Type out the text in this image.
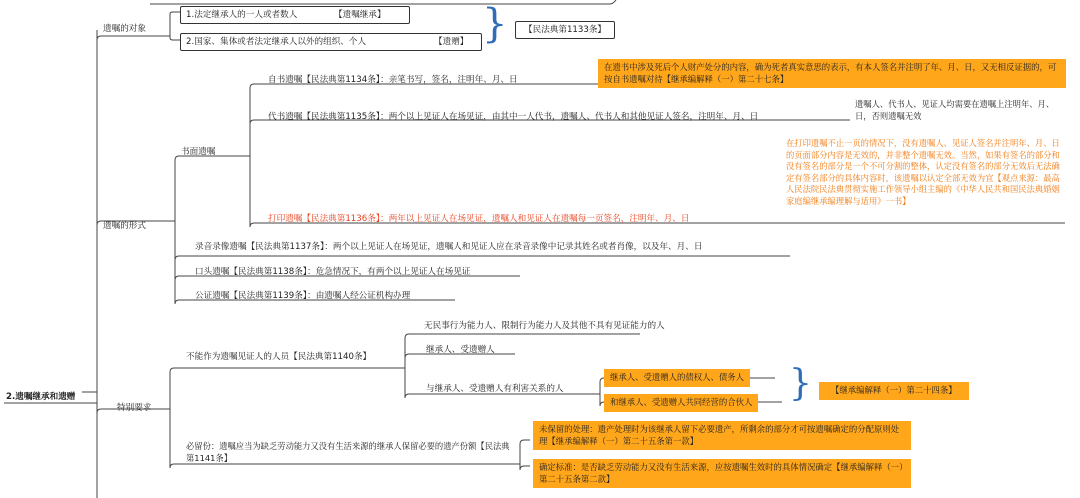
2.遗嘱继承和遗赠
遗嘱的对象
1.法定继承人的一人或者数人	【遗嘱继承】
2.国家、集体或者法定继承人以外的组织、个人	【遗赠】 }	【民法典第1133条】
遗嘱的形式
书面遗嘱
自书遗嘱【民法典第1134条】：亲笔书写，签名，注明年、月、日
在遗书中涉及死后个人财产处分的内容，确为死者真实意思的表示，有本人签名并注明了年、月、日，又无相反证据的，可按自书遗嘱对待【继承编解释（一）第二十七条】
代书遗嘱【民法典第1135条】：两个以上见证人在场见证，由其中一人代书，遗嘱人、代书人和其他见证人签名，注明年、月、日
遗嘱人、代书人、见证人均需要在遗嘱上注明年、月、日，否则遗嘱无效
打印遗嘱【民法典第1136条】：两年以上见证人在场见证，遗嘱人和见证人在遗嘱每一页签名，注明年、月、日
在打印遗嘱不止一页的情况下，没有遗嘱人、见证人签名并注明年、月、日的页面部分内容是无效的，并非整个遗嘱无效。当然，如果有签名的部分和没有签名的部分是一个不可分割的整体，认定没有签名的部分无效后无法确定有签名部分的具体内容时，该遗嘱以认定全部无效为宜【观点来源：最高人民法院民法典贯彻实施工作领导小组主编的《中华人民共和国民法典婚姻家庭编继承编理解与适用》一书】
录音录像遗嘱【民法典第1137条】：两个以上见证人在场见证，遗嘱人和见证人应在录音录像中记录其姓名或者肖像，以及年、月、日
口头遗嘱【民法典第1138条】：危急情况下，有两个以上见证人在场见证
公证遗嘱【民法典第1139条】：由遗嘱人经公证机构办理
特别要求
不能作为遗嘱见证人的人员【民法典第1140条】
无民事行为能力人、限制行为能力人及其他不具有见证能力的人
继承人、受遗赠人
与继承人、受遗赠人有利害关系的人
继承人、受遗赠人的债权人、债务人
和继承人、受遗赠人共同经营的合伙人 }	【继承编解释（一）第二十四条】
必留份：遗嘱应当为缺乏劳动能力又没有生活来源的继承人保留必要的遗产份额【民法典第1141条】
未保留的处理：遗产处理时为该继承人留下必要遗产，所剩余的部分才可按遗嘱确定的分配原则处理【继承编解释（一）第二十五条第一款】
确定标准：是否缺乏劳动能力又没有生活来源，应按遗嘱生效时的具体情况确定【继承编解释（一）第二十五条第二款】
